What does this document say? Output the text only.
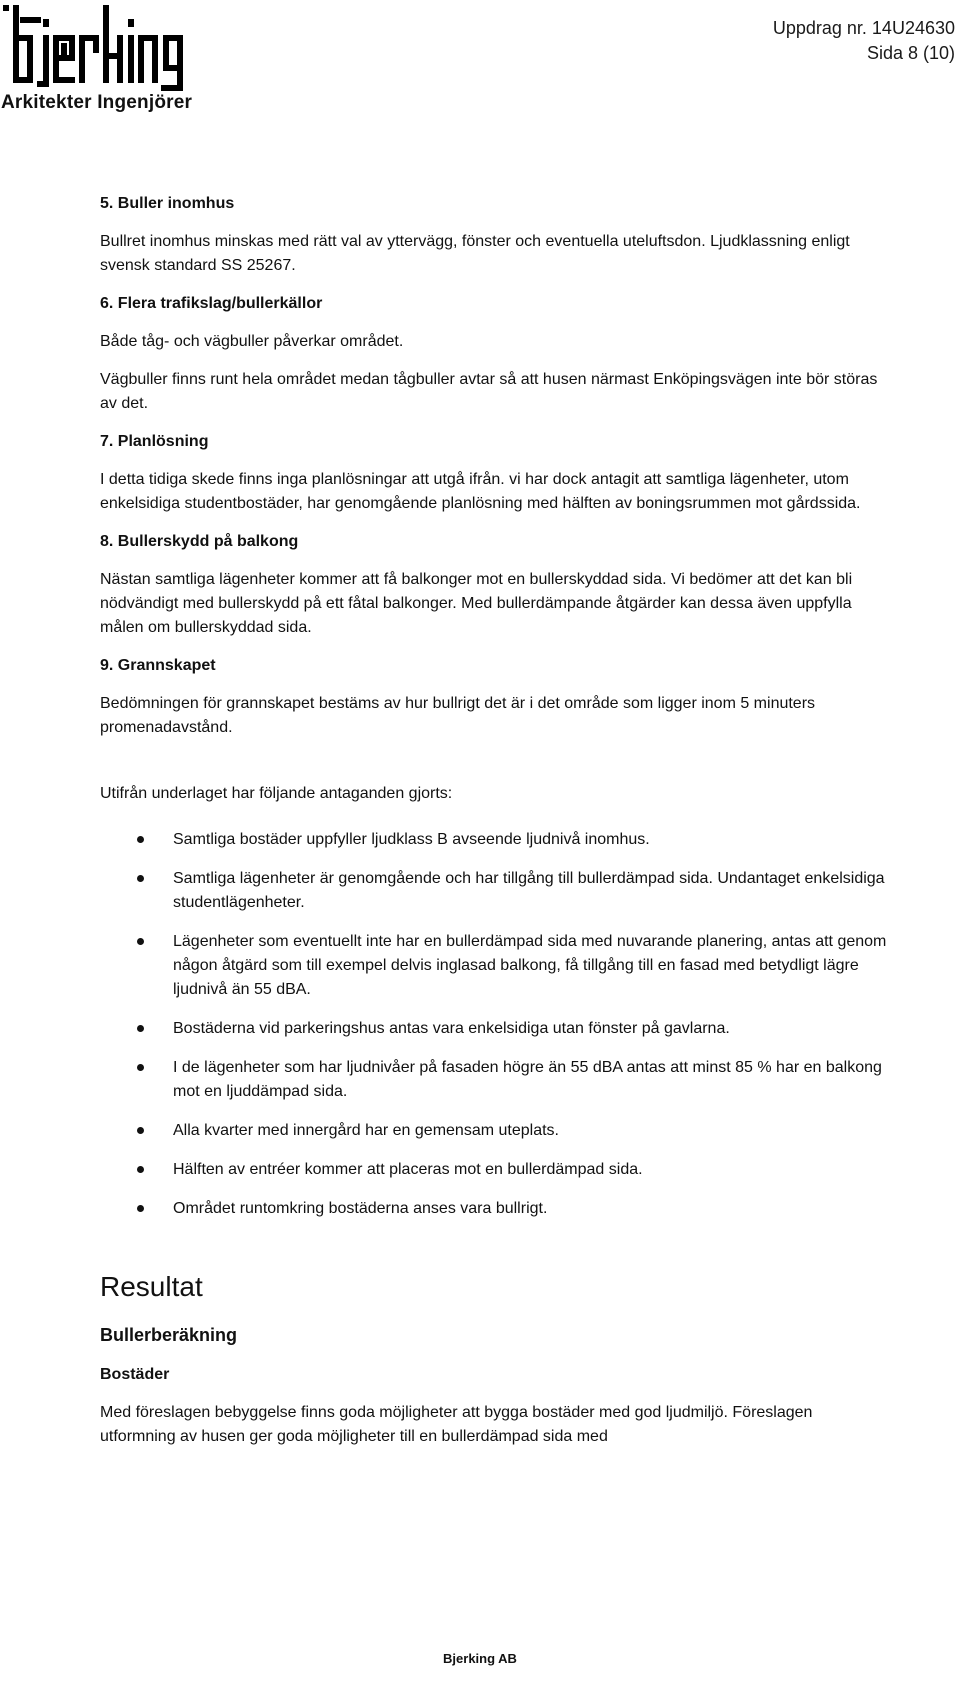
Arkitekter Ingenjörer
Uppdrag nr. 14U24630
Sida 8 (10)

5. Buller inomhus

Bullret inomhus minskas med rätt val av yttervägg, fönster och eventuella uteluftsdon. Ljudklassning enligt svensk standard SS 25267.

6. Flera trafikslag/bullerkällor

Både tåg- och vägbuller påverkar området.

Vägbuller finns runt hela området medan tågbuller avtar så att husen närmast Enköpingsvägen inte bör störas av det.

7. Planlösning

I detta tidiga skede finns inga planlösningar att utgå ifrån. vi har dock antagit att samtliga lägenheter, utom enkelsidiga studentbostäder, har genomgående planlösning med hälften av boningsrummen mot gårdssida.

8. Bullerskydd på balkong

Nästan samtliga lägenheter kommer att få balkonger mot en bullerskyddad sida. Vi bedömer att det kan bli nödvändigt med bullerskydd på ett fåtal balkonger. Med bullerdämpande åtgärder kan dessa även uppfylla målen om bullerskyddad sida.

9. Grannskapet

Bedömningen för grannskapet bestäms av hur bullrigt det är i det område som ligger inom 5 minuters promenadavstånd.

Utifrån underlaget har följande antaganden gjorts:

Samtliga bostäder uppfyller ljudklass B avseende ljudnivå inomhus.
Samtliga lägenheter är genomgående och har tillgång till bullerdämpad sida. Undantaget enkelsidiga studentlägenheter.
Lägenheter som eventuellt inte har en bullerdämpad sida med nuvarande planering, antas att genom någon åtgärd som till exempel delvis inglasad balkong, få tillgång till en fasad med betydligt lägre ljudnivå än 55 dBA.
Bostäderna vid parkeringshus antas vara enkelsidiga utan fönster på gavlarna.
I de lägenheter som har ljudnivåer på fasaden högre än 55 dBA antas att minst 85 % har en balkong mot en ljuddämpad sida.
Alla kvarter med innergård har en gemensam uteplats.
Hälften av entréer kommer att placeras mot en bullerdämpad sida.
Området runtomkring bostäderna anses vara bullrigt.

Resultat

Bullerberäkning

Bostäder

Med föreslagen bebyggelse finns goda möjligheter att bygga bostäder med god ljudmiljö. Föreslagen utformning av husen ger goda möjligheter till en bullerdämpad sida med

Bjerking AB
